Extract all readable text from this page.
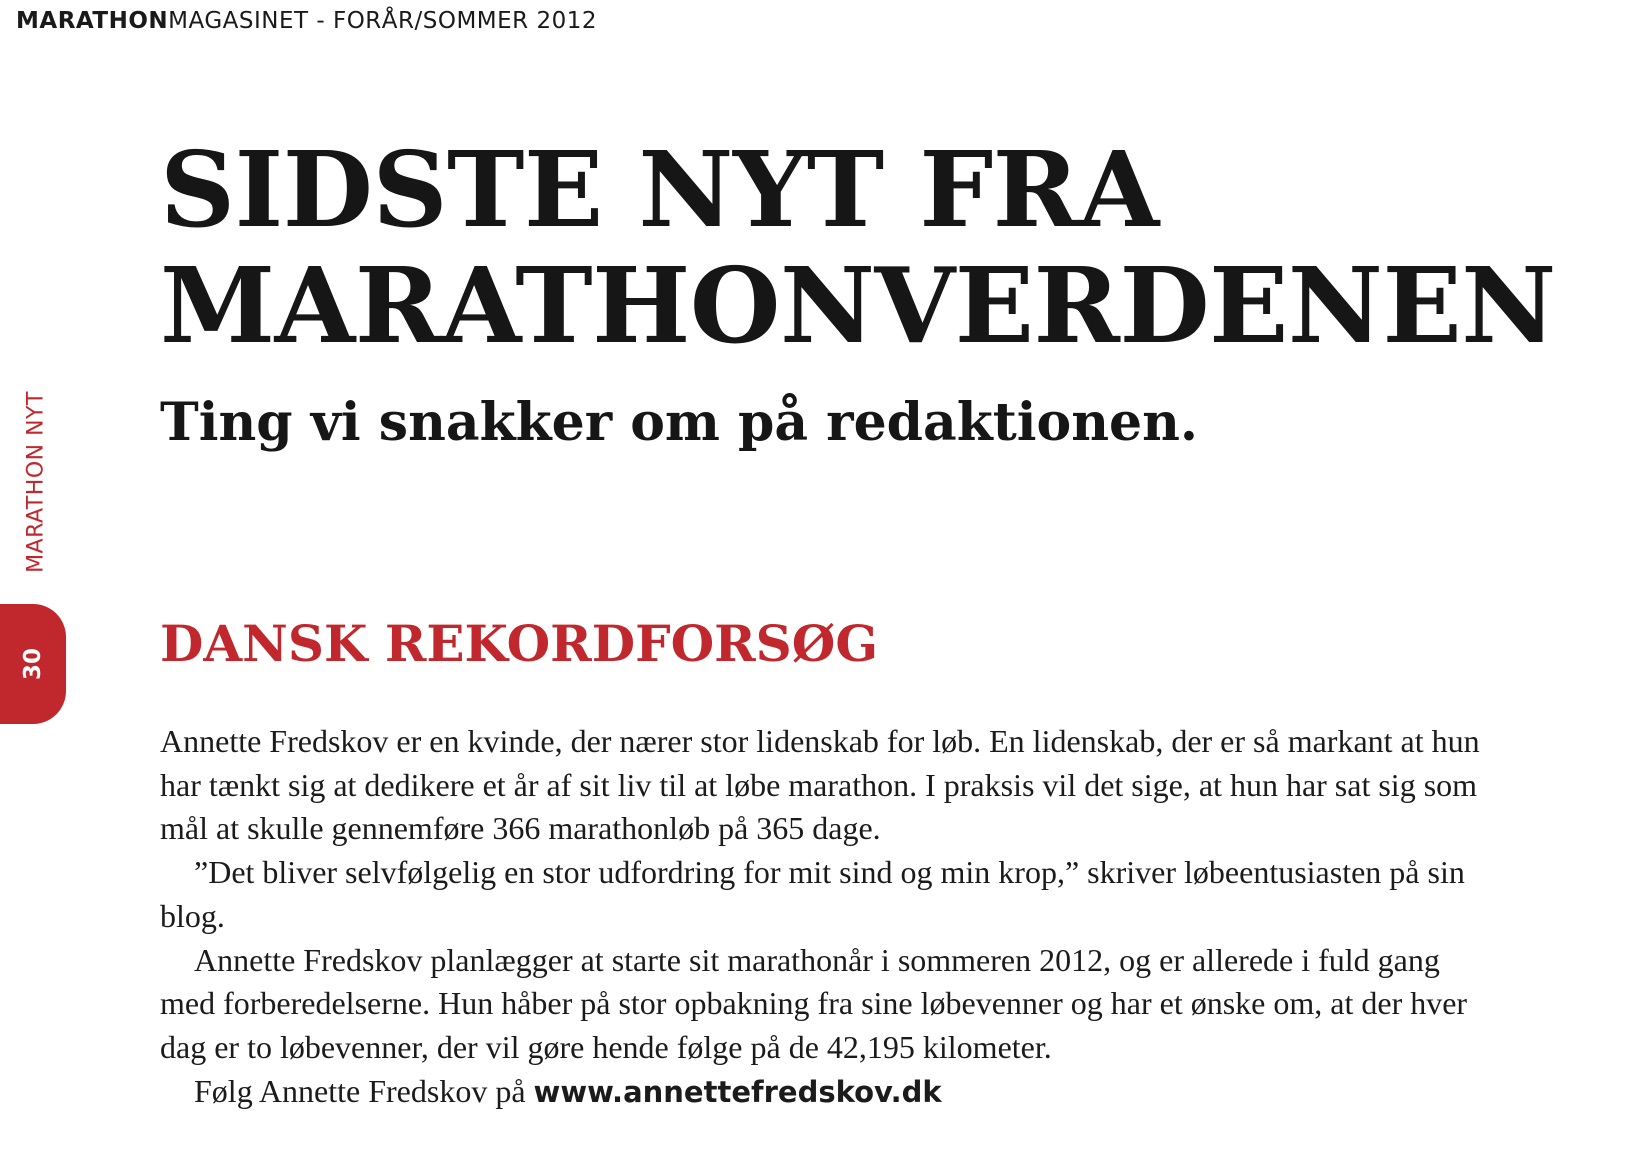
MARATHONMAGASINET - FORÅR/SOMMER 2012
MARATHON NYT
30
SIDSTE NYT FRA
MARATHONVERDENEN
Ting vi snakker om på redaktionen.
DANSK REKORDFORSØG

Annette Fredskov er en kvinde, der nærer stor lidenskab for løb. En lidenskab, der er så markant at hun har tænkt sig at dedikere et år af sit liv til at løbe marathon. I praksis vil det sige, at hun har sat sig som mål at skulle gennemføre 366 marathonløb på 365 dage.

”Det bliver selvfølgelig en stor udfordring for mit sind og min krop,” skriver løbeentusiasten på sin blog.

Annette Fredskov planlægger at starte sit marathonår i sommeren 2012, og er allerede i fuld gang med forberedelserne. Hun håber på stor opbakning fra sine løbevenner og har et ønske om, at der hver dag er to løbevenner, der vil gøre hende følge på de 42,195 kilometer.

Følg Annette Fredskov på www.annettefredskov.dk
